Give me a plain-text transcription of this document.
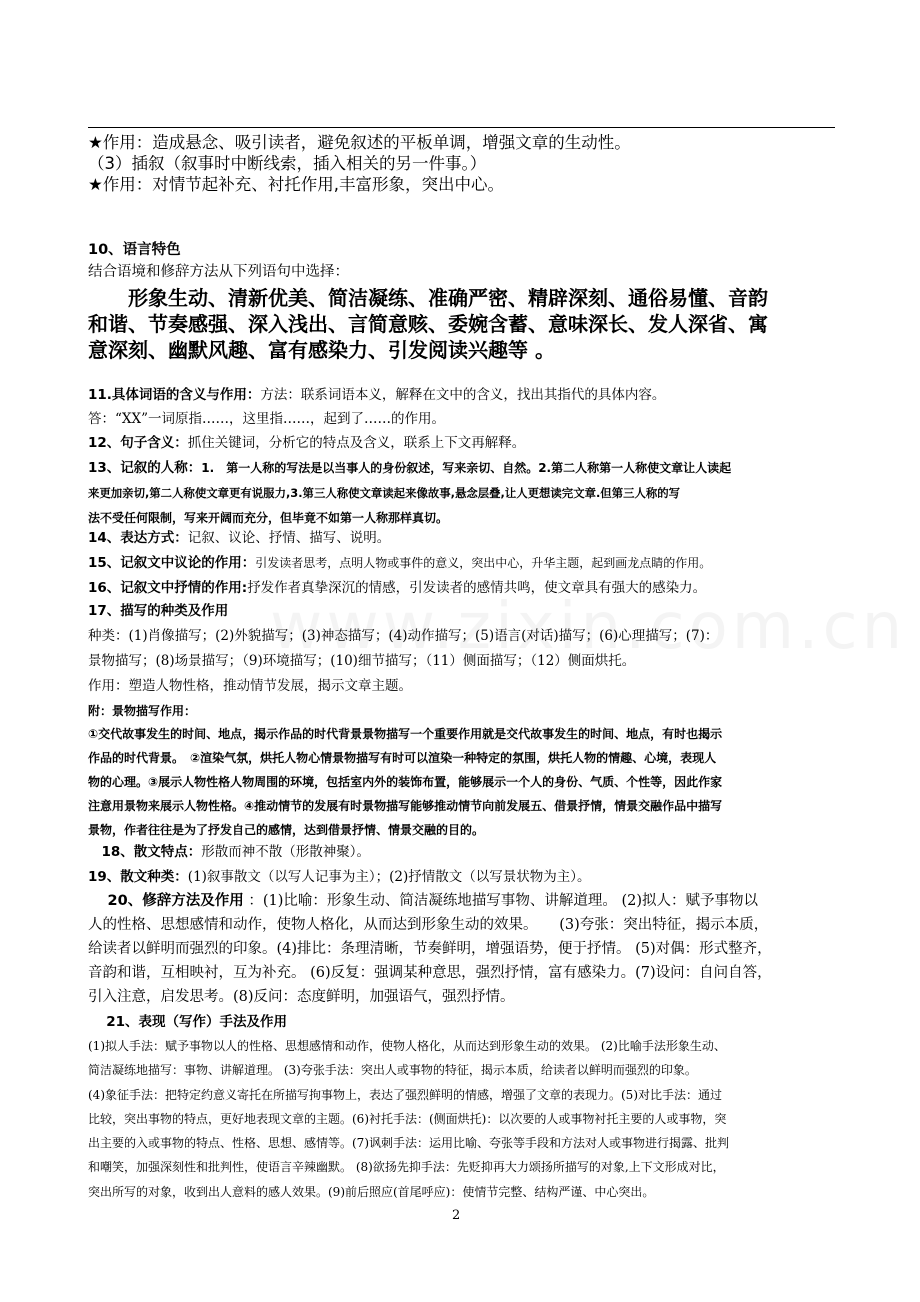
★作用：造成悬念、吸引读者，避免叙述的平板单调，增强文章的生动性。
（3）插叙（叙事时中断线索，插入相关的另一件事。）
★作用：对情节起补充、衬托作用,丰富形象，突出中心。
10、语言特色
结合语境和修辞方法从下列语句中选择：
　　形象生动、清新优美、简洁凝练、准确严密、精辟深刻、通俗易懂、音韵
和谐、节奏感强、深入浅出、言简意赅、委婉含蓄、意味深长、发人深省、寓
意深刻、幽默风趣、富有感染力、引发阅读兴趣等 。
11.具体词语的含义与作用：方法：联系词语本义，解释在文中的含义，找出其指代的具体内容。
答：“XX”一词原指……，这里指……，起到了……的作用。
12、句子含义：抓住关键词，分析它的特点及含义，联系上下文再解释。
13、记叙的人称：1.　第一人称的写法是以当事人的身份叙述，写来亲切、自然。2.第二人称第一人称使文章让人读起
来更加亲切,第二人称使文章更有说服力,3.第三人称使文章读起来像故事,悬念层叠,让人更想读完文章.但第三人称的写
法不受任何限制，写来开阔而充分，但毕竟不如第一人称那样真切。
14、表达方式：记叙、议论、抒情、描写、说明。
15、记叙文中议论的作用：引发读者思考，点明人物或事件的意义，突出中心，升华主题，起到画龙点睛的作用。
16、记叙文中抒情的作用:抒发作者真挚深沉的情感，引发读者的感情共鸣，使文章具有强大的感染力。
17、描写的种类及作用
种类：(1)肖像描写；(2)外貌描写；(3)神态描写；(4)动作描写；(5)语言(对话)描写；(6)心理描写；(7)：
景物描写；(8)场景描写；（9)环境描写；(10)细节描写；（11）侧面描写；（12）侧面烘托。
作用：塑造人物性格，推动情节发展，揭示文章主题。
附：景物描写作用：
①交代故事发生的时间、地点，揭示作品的时代背景景物描写一个重要作用就是交代故事发生的时间、地点，有时也揭示
作品的时代背景。　②渲染气氛，烘托人物心情景物描写有时可以渲染一种特定的氛围，烘托人物的情趣、心境，表现人
物的心理。③展示人物性格人物周围的环境，包括室内外的装饰布置，能够展示一个人的身份、气质、个性等，因此作家
注意用景物来展示人物性格。④推动情节的发展有时景物描写能够推动情节向前发展五、借景抒情，情景交融作品中描写
景物，作者往往是为了抒发自己的感情，达到借景抒情、情景交融的目的。
　18、散文特点：形散而神不散（形散神聚）。
19、散文种类：(1)叙事散文（以写人记事为主）；(2)抒情散文（以写景状物为主）。
　 20、修辞方法及作用 ：(1)比喻：形象生动、简洁凝练地描写事物、讲解道理。 (2)拟人：赋予事物以
人的性格、思想感情和动作，使物人格化，从而达到形象生动的效果。　　(3)夸张：突出特征，揭示本质，
给读者以鲜明而强烈的印象。(4)排比：条理清晰，节奏鲜明，增强语势，便于抒情。 (5)对偶：形式整齐，
音韵和谐，互相映衬，互为补充。 (6)反复：强调某种意思，强烈抒情，富有感染力。(7)设问：自问自答，
引入注意，启发思考。(8)反问：态度鲜明，加强语气，强烈抒情。
　 21、表现（写作）手法及作用
(1)拟人手法：赋予事物以人的性格、思想感情和动作，使物人格化，从而达到形象生动的效果。 (2)比喻手法形象生动、
简洁凝练地描写：事物、讲解道理。 (3)夸张手法：突出人或事物的特征，揭示本质，给读者以鲜明而强烈的印象。
(4)象征手法：把特定约意义寄托在所描写拘事物上，表达了强烈鲜明的情感，增强了文章的表现力。(5)对比手法：通过
比较，突出事物的特点，更好地表现文章的主题。(6)衬托手法：(侧面烘托)：以次要的人或事物衬托主要的人或事物，突
出主要的入或事物的特点、性格、思想、感情等。(7)讽刺手法：运用比喻、夸张等手段和方法对人或事物进行揭露、批判
和嘲笑，加强深刻性和批判性，使语言辛辣幽默。 (8)欲扬先抑手法：先贬抑再大力颂扬所描写的对象,上下文形成对比，
突出所写的对象，收到出人意料的感人效果。(9)前后照应(首尾呼应)：使情节完整、结构严谨、中心突出。
2
